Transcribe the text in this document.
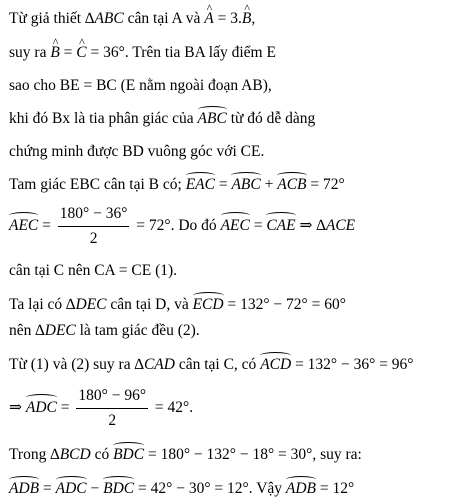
Từ giả thiết ∆ABC cân tại A và ^ A = 3.^ B,
suy ra ^ B = ^ C = 36°. Trên tia BA lấy điểm E
sao cho BE = BC (E nằm ngoài đoạn AB),
khi đó Bx là tia phân giác của ABC từ đó dễ dàng
chứng minh được BD vuông góc với CE.
Tam giác EBC cân tại B có; EAC = ABC + ACB = 72°
AEC = $\frac{180^\circ - 36^\circ}{2} = 72^\circ$. Do đó AEC = CAE ⇒ ∆ACE
cân tại C nên CA = CE (1).
Ta lại có ∆DEC cân tại D, và ECD = 132° − 72° = 60°
nên ∆DEC là tam giác đều (2).
Từ (1) và (2) suy ra ∆CAD cân tại C, có ACD = 132° − 36° = 96°
⇒ ADC = $\frac{180^\circ - 96^\circ}{2} = 42^\circ$.
Trong ∆BCD có BDC = 180° − 132° − 18° = 30°, suy ra:
ADB = ADC − BDC = 42° − 30° = 12°. Vậy ADB = 12°
